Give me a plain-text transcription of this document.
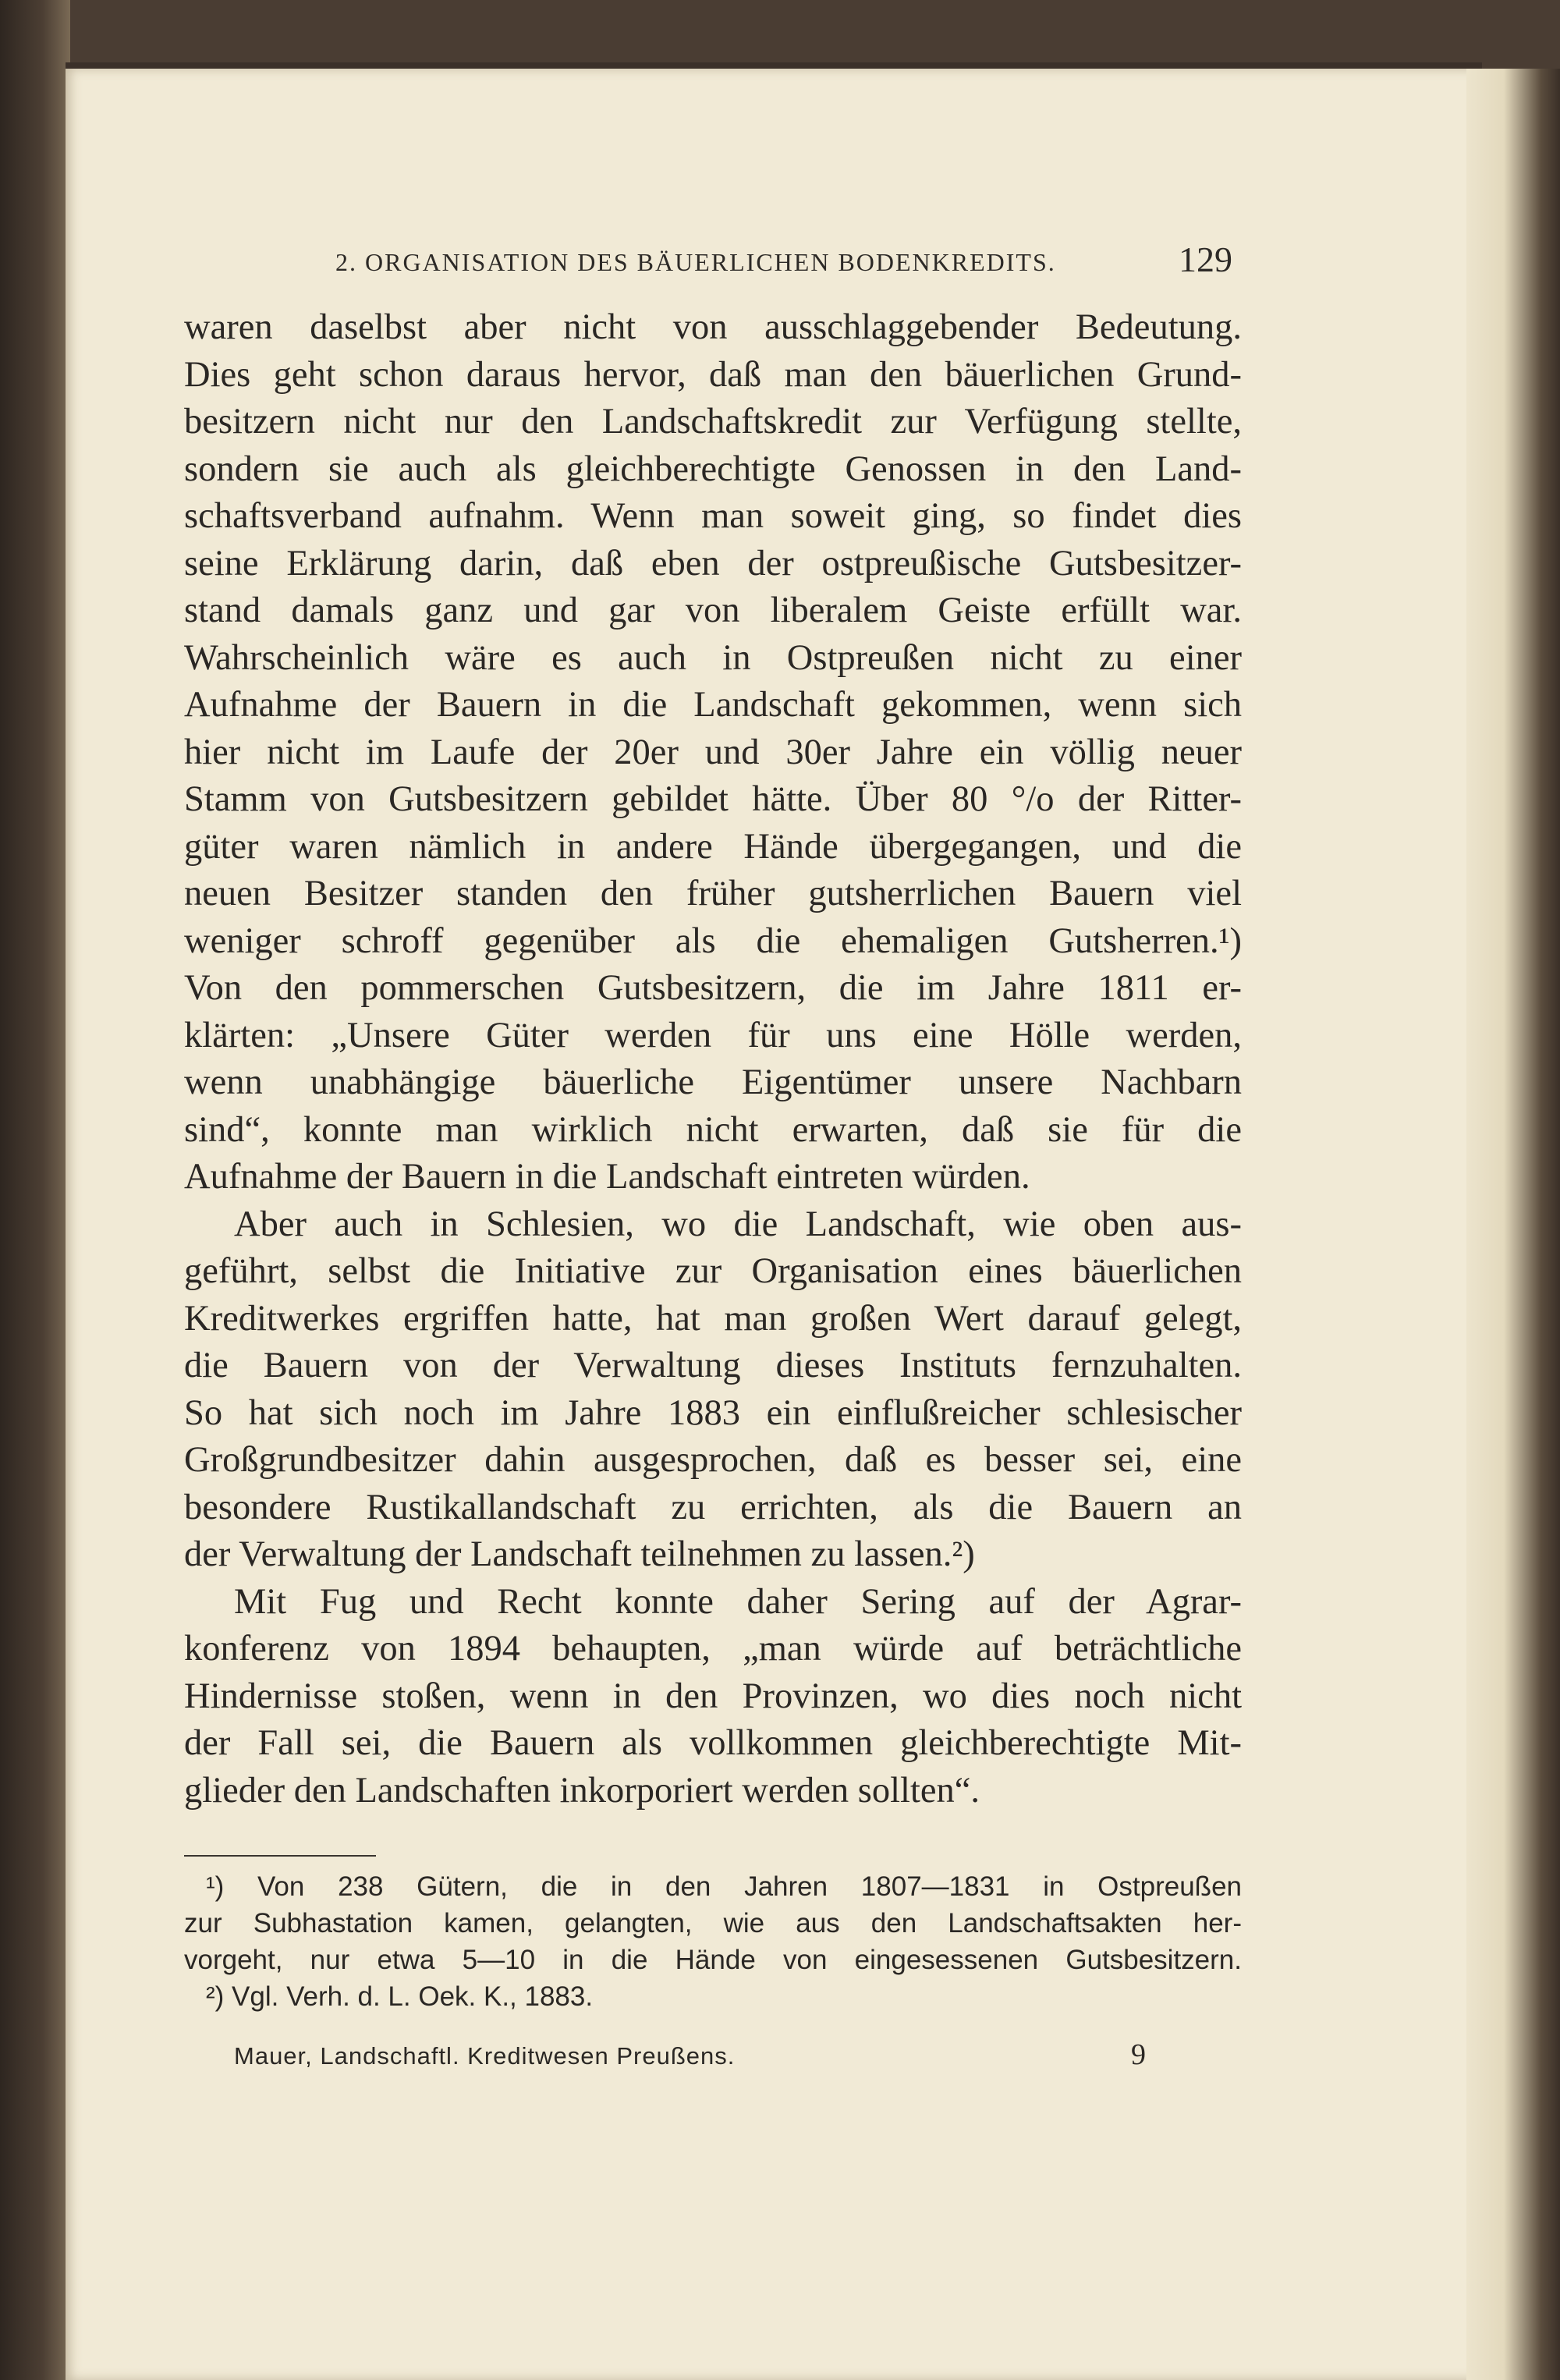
2. ORGANISATION DES BÄUERLICHEN BODENKREDITS.	129
waren daselbst aber nicht von ausschlaggebender Bedeutung.
Dies geht schon daraus hervor, daß man den bäuerlichen Grund-
besitzern nicht nur den Landschaftskredit zur Verfügung stellte,
sondern sie auch als gleichberechtigte Genossen in den Land-
schaftsverband aufnahm. Wenn man soweit ging, so findet dies
seine Erklärung darin, daß eben der ostpreußische Gutsbesitzer-
stand damals ganz und gar von liberalem Geiste erfüllt war.
Wahrscheinlich wäre es auch in Ostpreußen nicht zu einer
Aufnahme der Bauern in die Landschaft gekommen, wenn sich
hier nicht im Laufe der 20er und 30er Jahre ein völlig neuer
Stamm von Gutsbesitzern gebildet hätte. Über 80 °/o der Ritter-
güter waren nämlich in andere Hände übergegangen, und die
neuen Besitzer standen den früher gutsherrlichen Bauern viel
weniger schroff gegenüber als die ehemaligen Gutsherren.¹)
Von den pommerschen Gutsbesitzern, die im Jahre 1811 er-
klärten: „Unsere Güter werden für uns eine Hölle werden,
wenn unabhängige bäuerliche Eigentümer unsere Nachbarn
sind“, konnte man wirklich nicht erwarten, daß sie für die
Aufnahme der Bauern in die Landschaft eintreten würden.
Aber auch in Schlesien, wo die Landschaft, wie oben aus-
geführt, selbst die Initiative zur Organisation eines bäuerlichen
Kreditwerkes ergriffen hatte, hat man großen Wert darauf gelegt,
die Bauern von der Verwaltung dieses Instituts fernzuhalten.
So hat sich noch im Jahre 1883 ein einflußreicher schlesischer
Großgrundbesitzer dahin ausgesprochen, daß es besser sei, eine
besondere Rustikallandschaft zu errichten, als die Bauern an
der Verwaltung der Landschaft teilnehmen zu lassen.²)
Mit Fug und Recht konnte daher Sering auf der Agrar-
konferenz von 1894 behaupten, „man würde auf beträchtliche
Hindernisse stoßen, wenn in den Provinzen, wo dies noch nicht
der Fall sei, die Bauern als vollkommen gleichberechtigte Mit-
glieder den Landschaften inkorporiert werden sollten“.
¹) Von 238 Gütern, die in den Jahren 1807—1831 in Ostpreußen
zur Subhastation kamen, gelangten, wie aus den Landschaftsakten her-
vorgeht, nur etwa 5—10 in die Hände von eingesessenen Gutsbesitzern.
²) Vgl. Verh. d. L. Oek. K., 1883.
Mauer, Landschaftl. Kreditwesen Preußens.	9
